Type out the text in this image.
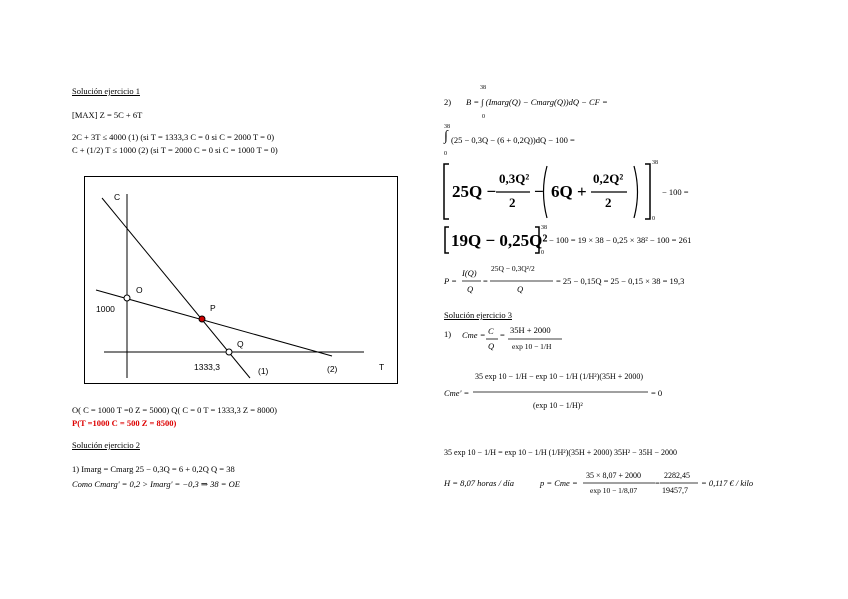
Solución ejercicio 1
[MAX] Z = 5C + 6T
2C + 3T ≤ 4000 (1) (si T = 1333,3 C = 0 si C = 2000 T = 0)
C + (1/2) T ≤ 1000 (2) (si T = 2000 C = 0 si C = 1000 T = 0)
C
T
O
P
Q
1000
1333,3	(1)	(2)
O( C = 1000 T =0 Z = 5000) Q( C = 0 T = 1333,3 Z = 8000)
P(T =1000 C = 500 Z = 8500)
Solución ejercicio 2
1) Imarg = Cmarg 25 − 0,3Q = 6 + 0,2Q Q = 38
Como Cmarg' = 0,2 > Imarg' = −0,3 ⇒ 38 = OE
2) B = ∫ (Imarg(Q) − Cmarg(Q))dQ − CF =
38
0
38
0
∫ (25 − 0,3Q − (6 + 0,2Q))dQ − 100 =
25Q −
0,3Q²
2
− 6Q +
0,2Q²
2
38
0
− 100 =
19Q − 0,25Q²
38
0
− 100 = 19 × 38 − 0,25 × 38² − 100 = 261
P =
I(Q)
Q
=
25Q − 0,3Q²/2
Q
= 25 − 0,15Q = 25 − 0,15 × 38 = 19,3
Solución ejercicio 3
1) Cme = C
Q
= 35H + 2000
exp 10 − 1/H
Cme' =
35 exp 10 − 1/H − exp 10 − 1/H (1/H²)(35H + 2000)
(exp 10 − 1/H)²
= 0
35 exp 10 − 1/H = exp 10 − 1/H (1/H²)(35H + 2000) 35H² − 35H − 2000
H = 8,07 horas / día	p = Cme =
35 × 8,07 + 2000
exp 10 − 1/8,07
=
2282,45
19457,7
= 0,117 € / kilo
